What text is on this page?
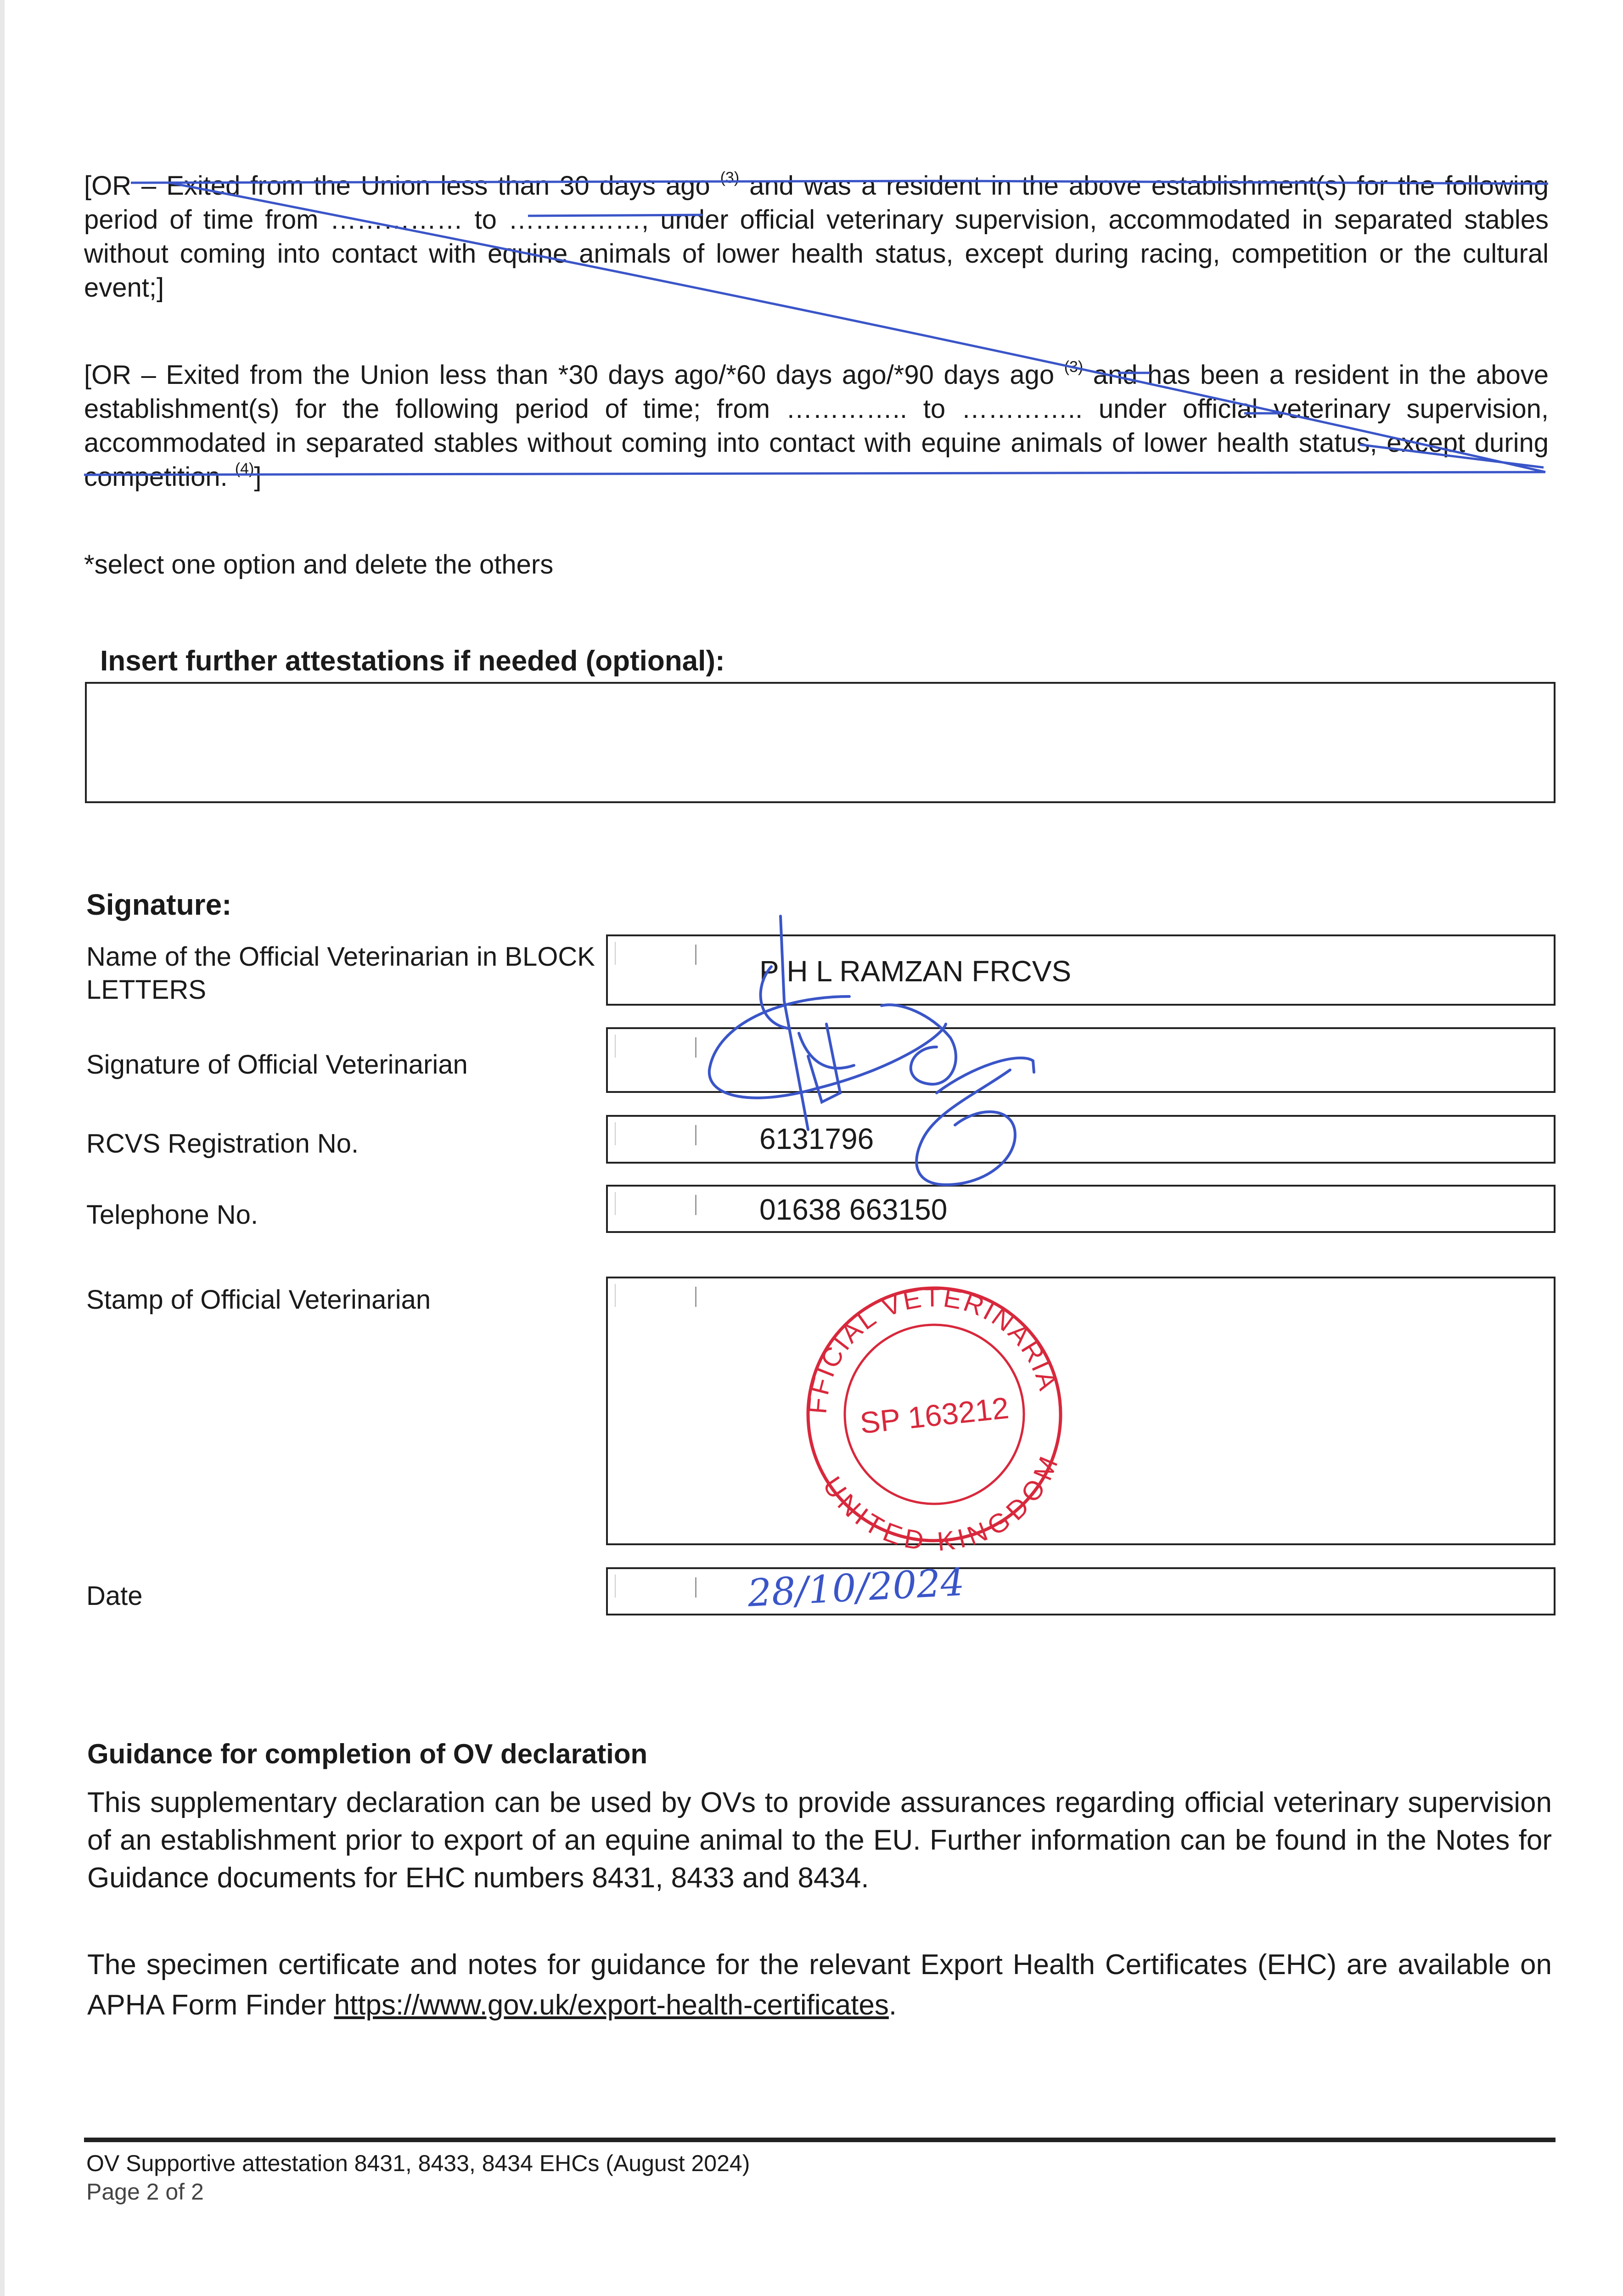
[OR – Exited from the Union less than 30 days ago $^{(3)}$ and was a resident in the above establishment(s) for the following period of time from …………… to ……………, under official veterinary supervision, accommodated in separated stables without coming into contact with equine animals of lower health status, except during racing, competition or the cultural event;]
[OR – Exited from the Union less than *30 days ago/*60 days ago/*90 days ago $^{(3)}$ and has been a resident in the above establishment(s) for the following period of time; from ………….. to ………….. under official veterinary supervision, accommodated in separated stables without coming into contact with equine animals of lower health status, except during competition. $^{(4)}$]
*select one option and delete the others
Insert further attestations if needed (optional):
Signature:
Name of the Official Veterinarian in BLOCK LETTERS
P H L RAMZAN FRCVS
Signature of Official Veterinarian
RCVS Registration No.	6131796
Telephone No.	01638 663150
Stamp of Official Veterinarian
Date
Guidance for completion of OV declaration
This supplementary declaration can be used by OVs to provide assurances regarding official veterinary supervision of an establishment prior to export of an equine animal to the EU. Further information can be found in the Notes for Guidance documents for EHC numbers 8431, 8433 and 8434.
The specimen certificate and notes for guidance for the relevant Export Health Certificates (EHC) are available on APHA Form Finder https://www.gov.uk/export-health-certificates.
OV Supportive attestation 8431, 8433, 8434 EHCs (August 2024)
Page 2 of 2
28/10/2024
OFFICIAL VETERINARIAN
UNITED KINGDOM
SP 163212
